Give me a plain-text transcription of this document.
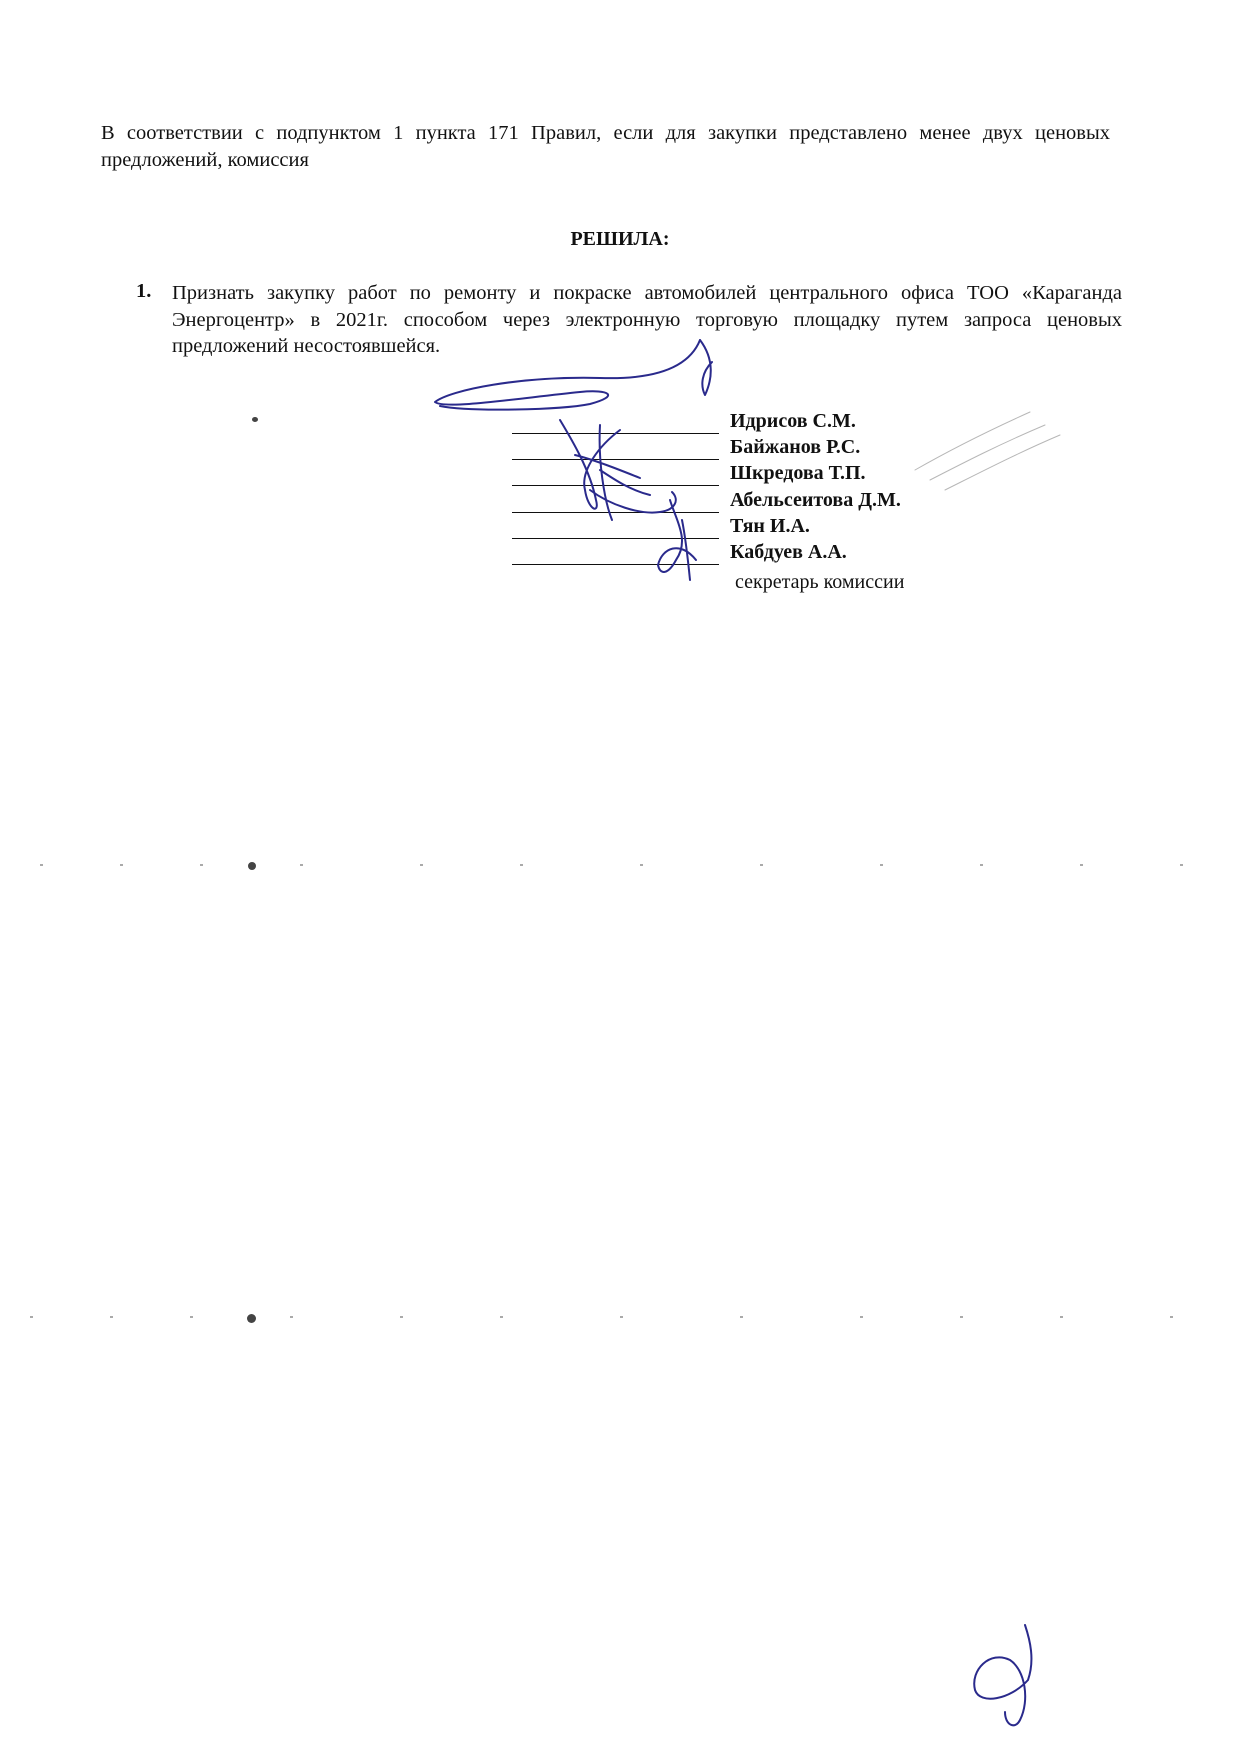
В соответствии с подпунктом 1 пункта 171 Правил, если для закупки представлено менее двух ценовых предложений, комиссия

РЕШИЛА:

1. Признать закупку работ по ремонту и покраске автомобилей центрального офиса ТОО «Караганда Энергоцентр» в 2021г. способом через электронную торговую площадку путем запроса ценовых предложений несостоявшейся.

Идрисов С.М.
Байжанов Р.С.
Шкредова Т.П.
Абельсеитова Д.М.
Тян И.А.
Кабдуев А.А.
секретарь комиссии
